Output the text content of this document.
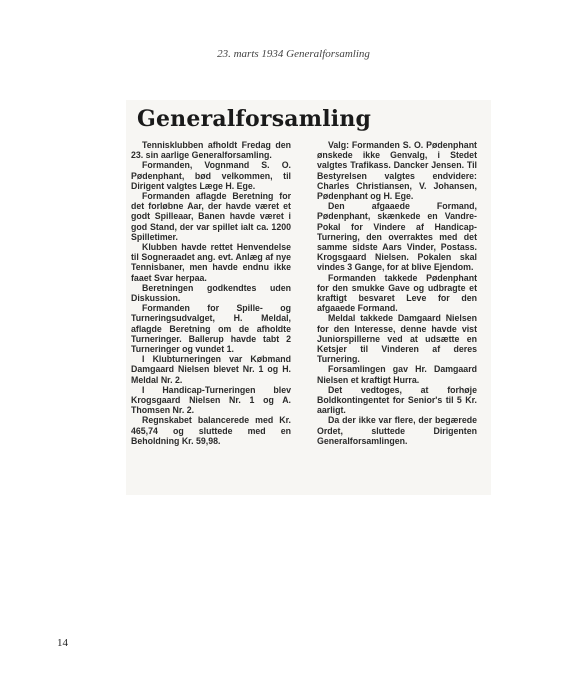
23. marts 1934 Generalforsamling
Generalforsamling

Tennisklubben afholdt Fredag den 23. sin aarlige Generalforsamling.

Formanden, Vognmand S. O. Pødenphant, bød velkommen, til Dirigent valgtes Læge H. Ege.

Formanden aflagde Beretning for det forløbne Aar, der havde været et godt Spilleaar, Banen havde været i god Stand, der var spillet ialt ca. 1200 Spilletimer.

Klubben havde rettet Henvendelse til Sogneraadet ang. evt. Anlæg af nye Tennisbaner, men havde endnu ikke faaet Svar herpaa.

Beretningen godkendtes uden Diskussion.

Formanden for Spille- og Turneringsudvalget, H. Meldal, aflagde Beretning om de afholdte Turneringer. Ballerup havde tabt 2 Turneringer og vundet 1.

I Klubturneringen var Købmand Damgaard Nielsen blevet Nr. 1 og H. Meldal Nr. 2.

I Handicap-Turneringen blev Krogsgaard Nielsen Nr. 1 og A. Thomsen Nr. 2.

Regnskabet balancerede med Kr. 465,74 og sluttede med en Beholdning Kr. 59,98.

Valg: Formanden S. O. Pødenphant ønskede ikke Genvalg, i Stedet valgtes Trafikass. Dancker Jensen. Til Bestyrelsen valgtes endvidere: Charles Christiansen, V. Johansen, Pødenphant og H. Ege.

Den afgaaede Formand, Pødenphant, skænkede en Vandre-Pokal for Vindere af Handicap-Turnering, den overraktes med det samme sidste Aars Vinder, Postass. Krogsgaard Nielsen. Pokalen skal vindes 3 Gange, for at blive Ejendom.

Formanden takkede Pødenphant for den smukke Gave og udbragte et kraftigt besvaret Leve for den afgaaede Formand.

Meldal takkede Damgaard Nielsen for den Interesse, denne havde vist Juniorspillerne ved at udsætte en Ketsjer til Vinderen af deres Turnering.

Forsamlingen gav Hr. Damgaard Nielsen et kraftigt Hurra.

Det vedtoges, at forhøje Boldkontingentet for Senior's til 5 Kr. aarligt.

Da der ikke var flere, der begærede Ordet, sluttede Dirigenten Generalforsamlingen.

14
